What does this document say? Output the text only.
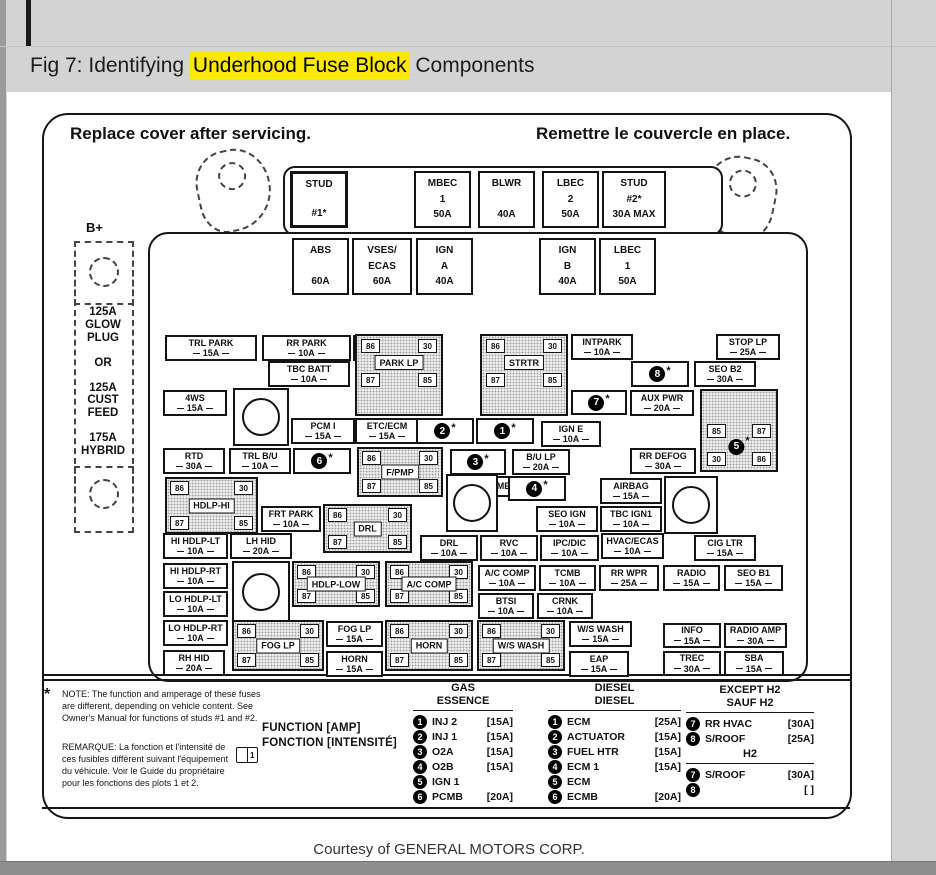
Fig 7: Identifying Underhood Fuse Block Components
Replace cover after servicing.	Remettre le couvercle en place.
B+
125A GLOW PLUG
OR
125A CUST FEED
175A HYBRID
* NOTE: The function and amperage of these fuses are different, depending on vehicle content. See Owner's Manual for functions of studs #1 and #2.
REMARQUE: La fonction et l'intensité de ces fusibles diffèrent suivant l'équipement du véhicule. Voir le Guide du propriétaire pour les fonctions des plots 1 et 2.
1
FUNCTION [AMP]
FONCTION [INTENSITÉ]
Courtesy of GENERAL MOTORS CORP.
STUD
#1*
MBEC
1
50A
BLWR
40A
LBEC
2
50A
STUD
#2*
30A MAX
ABS
60A
VSES/
ECAS
60A
IGN
A
40A
IGN
B
40A
LBEC
1
50A
TRL PARK
15A
RR PARK
10A
INTPARK
10A
STOP LP
25A
TBC BATT
10A
SEO B2
30A
4WS
15A
AUX PWR
20A
PCM I
15A
ETC/ECM
15A
IGN E
10A
RTD
30A
TRL B/U
10A
B/U LP
20A
RR DEFOG
30A
AIRBAG
15A
FRT PARK
10A
SEO IGN
10A
TBC IGN1
10A
HI HDLP-LT
10A
LH HID
20A
DRL
10A
RVC
10A
IPC/DIC
10A
HVAC/ECAS
10A
CIG LTR
15A
HI HDLP-RT
10A
A/C COMP
10A
TCMB
10A
RR WPR
25A
RADIO
15A
SEO B1
15A
LO HDLP-LT
10A
BTSI
10A
CRNK
10A
LO HDLP-RT
10A
FOG LP
15A
W/S WASH
15A
INFO
15A
RADIO AMP
30A
RH HID
20A
HORN
15A
EAP
15A
TREC
30A
SBA
15A
86	30
87	85
PARK LP
86	30
87	85
STRTR
86	30
87	85
F/PMP
86	30
87	85
HDLP-HI
86	30
87	85
DRL
86	30
87	85
HDLP-LOW
86	30
87	85
A/C COMP
86	30
87	85
FOG LP
86	30
87	85
HORN
86	30
87	85
W/S WASH
85	87
30	86
5 *
8 *
7 *
2 *	1 *
6 *	3 *
4 *
GAS
ESSENCE
1 INJ 2	[15A]
2 INJ 1	[15A]
3 O2A	[15A]
4 O2B	[15A]
5 IGN 1
6 PCMB [20A]
DIESEL
DIESEL
1 ECM	[25A]
2 ACTUATOR	[15A]
3 FUEL HTR	[15A]
4 ECM 1	[15A]
5 ECM
6 ECMB	[20A]
EXCEPT H2
SAUF H2
7 RR HVAC	[30A]
8 S/ROOF	[25A]
H2
7 S/ROOF	[30A]
8	[ ]
